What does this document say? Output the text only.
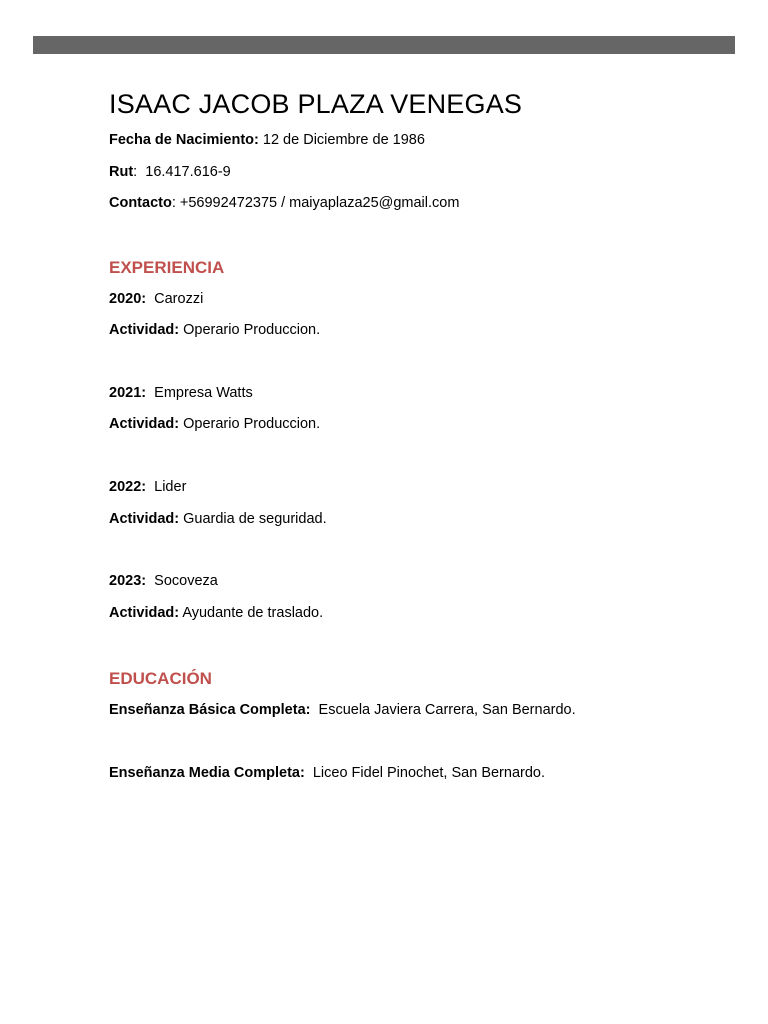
ISAAC JACOB PLAZA VENEGAS
Fecha de Nacimiento: 12 de Diciembre de 1986
Rut:  16.417.616-9
Contacto: +56992472375 / maiyaplaza25@gmail.com
EXPERIENCIA
2020:  Carozzi
Actividad: Operario Produccion.
2021:  Empresa Watts
Actividad: Operario Produccion.
2022:  Lider
Actividad: Guardia de seguridad.
2023:  Socoveza
Actividad: Ayudante de traslado.
EDUCACIÓN
Enseñanza Básica Completa:  Escuela Javiera Carrera, San Bernardo.
Enseñanza Media Completa:  Liceo Fidel Pinochet, San Bernardo.
